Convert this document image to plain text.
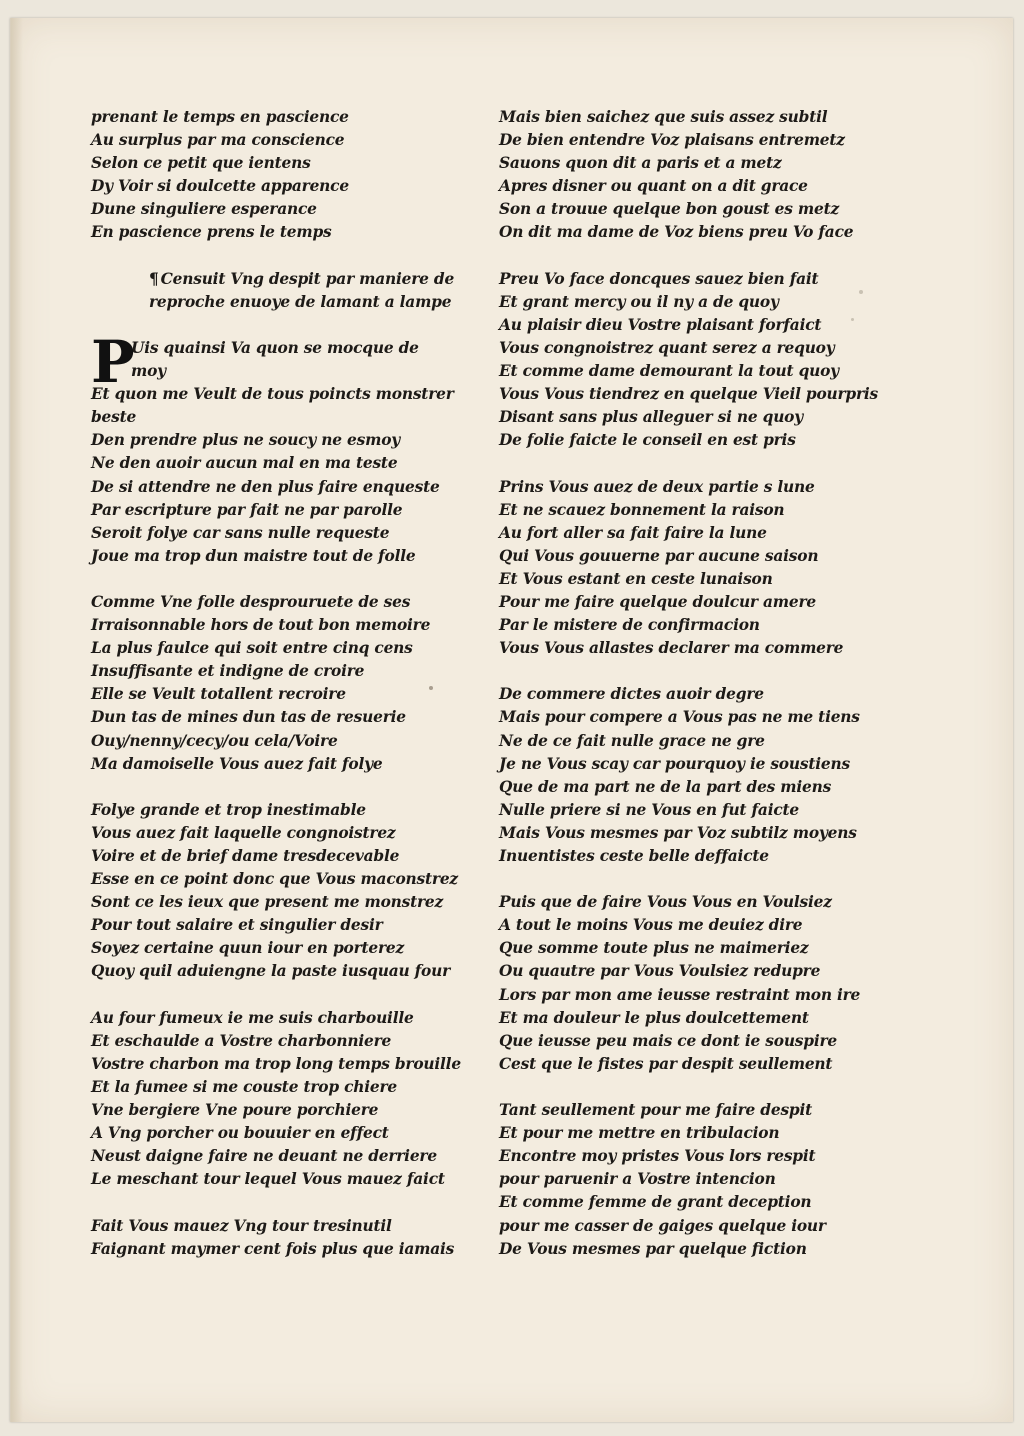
prenant le temps en pascience
Au surplus par ma conscience
Selon ce petit que ientens
Dy Voir si doulcette apparence
Dune singuliere esperance
En pascience prens le temps
¶ Censuit Vng despit par maniere de
reproche enuoye de lamant a lampe
P
Uis quainsi Va quon se mocque de
moy
Et quon me Veult de tous poincts monstrer
beste
Den prendre plus ne soucy ne esmoy
Ne den auoir aucun mal en ma teste
De si attendre ne den plus faire enqueste
Par escripture par fait ne par parolle
Seroit folye car sans nulle requeste
Joue ma trop dun maistre tout de folle
Comme Vne folle desprouruete de ses
Irraisonnable hors de tout bon memoire
La plus faulce qui soit entre cinq cens
Insuffisante et indigne de croire
Elle se Veult totallent recroire
Dun tas de mines dun tas de resuerie
Ouy/nenny/cecy/ou cela/Voire
Ma damoiselle Vous auez fait folye
Folye grande et trop inestimable
Vous auez fait laquelle congnoistrez
Voire et de brief dame tresdecevable
Esse en ce point donc que Vous maconstrez
Sont ce les ieux que present me monstrez
Pour tout salaire et singulier desir
Soyez certaine quun iour en porterez
Quoy quil aduiengne la paste iusquau four
Au four fumeux ie me suis charbouille
Et eschaulde a Vostre charbonniere
Vostre charbon ma trop long temps brouille
Et la fumee si me couste trop chiere
Vne bergiere Vne poure porchiere
A Vng porcher ou bouuier en effect
Neust daigne faire ne deuant ne derriere
Le meschant tour lequel Vous mauez faict
Fait Vous mauez Vng tour tresinutil
Faignant maymer cent fois plus que iamais
Mais bien saichez que suis assez subtil
De bien entendre Voz plaisans entremetz
Sauons quon dit a paris et a metz
Apres disner ou quant on a dit grace
Son a trouue quelque bon goust es metz
On dit ma dame de Voz biens preu Vo face
Preu Vo face doncques sauez bien fait
Et grant mercy ou il ny a de quoy
Au plaisir dieu Vostre plaisant forfaict
Vous congnoistrez quant serez a requoy
Et comme dame demourant la tout quoy
Vous Vous tiendrez en quelque Vieil pourpris
Disant sans plus alleguer si ne quoy
De folie faicte le conseil en est pris
Prins Vous auez de deux partie s lune
Et ne scauez bonnement la raison
Au fort aller sa fait faire la lune
Qui Vous gouuerne par aucune saison
Et Vous estant en ceste lunaison
Pour me faire quelque doulcur amere
Par le mistere de confirmacion
Vous Vous allastes declarer ma commere
De commere dictes auoir degre
Mais pour compere a Vous pas ne me tiens
Ne de ce fait nulle grace ne gre
Je ne Vous scay car pourquoy ie soustiens
Que de ma part ne de la part des miens
Nulle priere si ne Vous en fut faicte
Mais Vous mesmes par Voz subtilz moyens
Inuentistes ceste belle deffaicte
Puis que de faire Vous Vous en Voulsiez
A tout le moins Vous me deuiez dire
Que somme toute plus ne maimeriez
Ou quautre par Vous Voulsiez redupre
Lors par mon ame ieusse restraint mon ire
Et ma douleur le plus doulcettement
Que ieusse peu mais ce dont ie souspire
Cest que le fistes par despit seullement
Tant seullement pour me faire despit
Et pour me mettre en tribulacion
Encontre moy pristes Vous lors respit
pour paruenir a Vostre intencion
Et comme femme de grant deception
pour me casser de gaiges quelque iour
De Vous mesmes par quelque fiction
